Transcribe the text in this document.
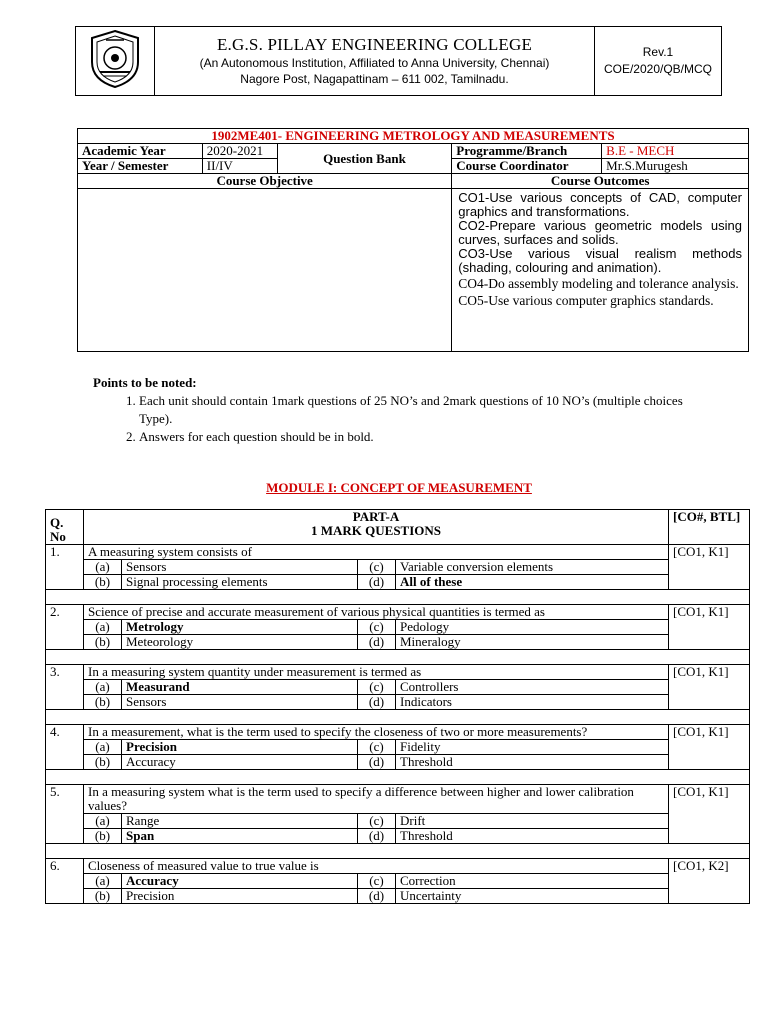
E.G.S. PILLAY ENGINEERING COLLEGE
(An Autonomous Institution, Affiliated to Anna University, Chennai)
Nagore Post, Nagapattinam – 611 002, Tamilnadu.

Rev.1
COE/2020/QB/MCQ
1902ME401- ENGINEERING METROLOGY AND MEASUREMENTS				
Academic Year	2020-2021	Question Bank	Programme/Branch	B.E - MECH
Year / Semester	II/IV		Course Coordinator	Mr.S.Murugesh
Course Objective			Course Outcomes	

			CO1-Use various concepts of CAD, computer graphics and transformations.
CO2-Prepare various geometric models using curves, surfaces and solids.
CO3-Use various visual realism methods (shading, colouring and animation).
CO4-Do assembly modeling and tolerance analysis.
CO5-Use various computer graphics standards.	
Points to be noted:
1. Each unit should contain 1mark questions of 25 NO’s and 2mark questions of 10 NO’s (multiple choices Type).
2. Answers for each question should be in bold.
MODULE I: CONCEPT OF MEASUREMENT
Q. No	PART-A
1 MARK QUESTIONS				[CO#, BTL]
1.	A measuring system consists of				[CO1, K1]
	(a)	Sensors	(c)	Variable conversion elements	
	(b)	Signal processing elements	(d)	All of these	

2.	Science of precise and accurate measurement of various physical quantities is termed as				[CO1, K1]
	(a)	Metrology	(c)	Pedology	
	(b)	Meteorology	(d)	Mineralogy	

3.	In a measuring system quantity under measurement is termed as				[CO1, K1]
	(a)	Measurand	(c)	Controllers	
	(b)	Sensors	(d)	Indicators	

4.	In a measurement, what is the term used to specify the closeness of two or more measurements?				[CO1, K1]
	(a)	Precision	(c)	Fidelity	
	(b)	Accuracy	(d)	Threshold	

5.	In a measuring system what is the term used to specify a difference between higher and lower calibration values?				[CO1, K1]
	(a)	Range	(c)	Drift	
	(b)	Span	(d)	Threshold	

6.	Closeness of measured value to true value is				[CO1, K2]
	(a)	Accuracy	(c)	Correction	
	(b)	Precision	(d)	Uncertainty	
